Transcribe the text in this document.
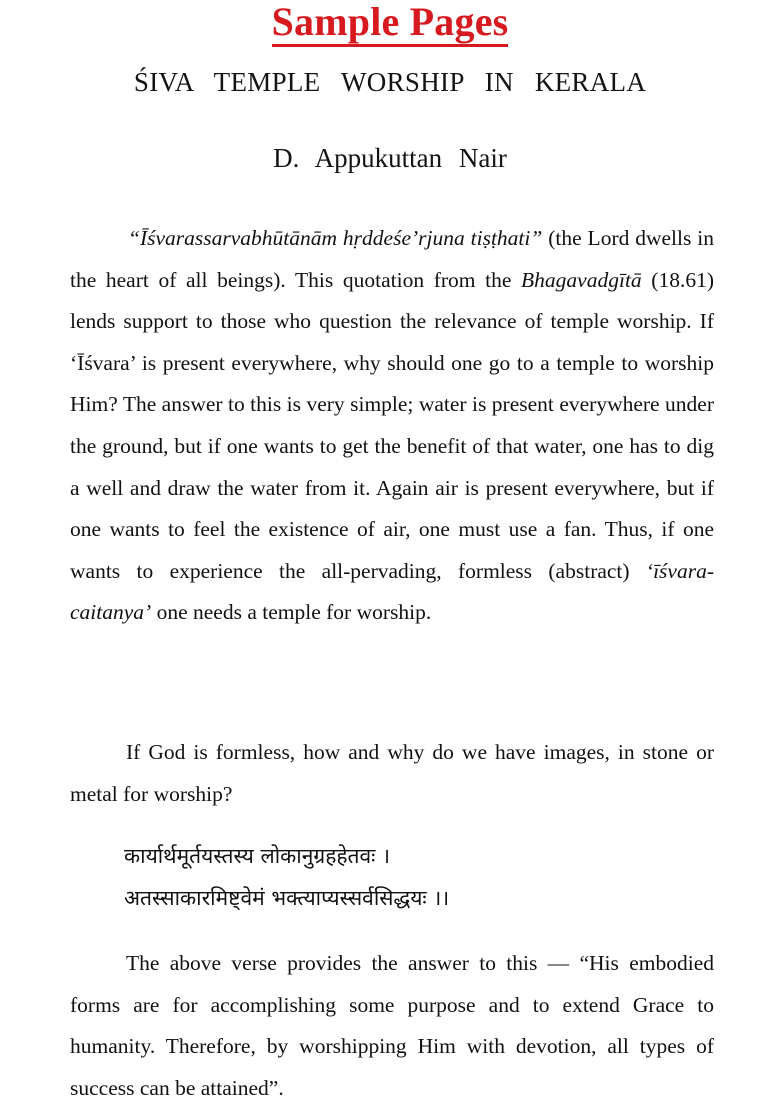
Sample Pages
ŚIVA TEMPLE WORSHIP IN KERALA
D. Appukuttan Nair
“Īśvarassarvabhūtānām hṛddeśe’rjuna tiṣṭhati” (the Lord dwells in the heart of all beings). This quotation from the Bhagavadgītā (18.61) lends support to those who question the relevance of temple worship. If ‘Īśvara’ is present everywhere, why should one go to a temple to worship Him? The answer to this is very simple; water is present everywhere under the ground, but if one wants to get the benefit of that water, one has to dig a well and draw the water from it. Again air is present everywhere, but if one wants to feel the existence of air, one must use a fan. Thus, if one wants to experience the all-pervading, formless (abstract) ‘īśvara-caitanya’ one needs a temple for worship.
If God is formless, how and why do we have images, in stone or metal for worship?
कार्यार्थमूर्तयस्तस्य लोकानुग्रहहेतवः ।
अतस्साकारमिष्ट्वेमं भक्त्याप्यस्सर्वसिद्धयः ।।
The above verse provides the answer to this — “His embodied forms are for accomplishing some purpose and to extend Grace to humanity. Therefore, by worshipping Him with devotion, all types of success can be attained”.
